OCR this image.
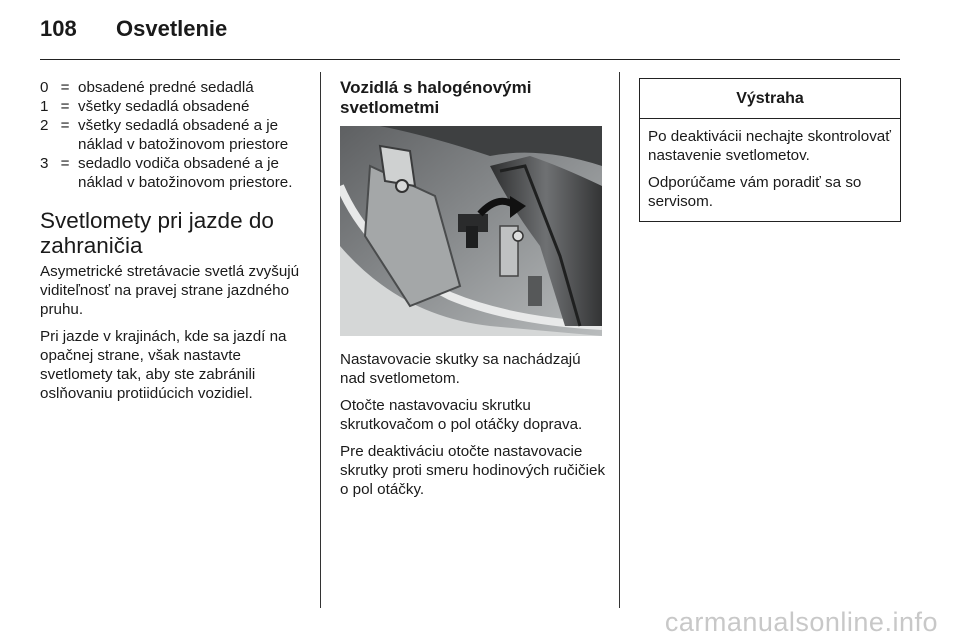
108 Osvetlenie
0 = obsadené predné sedadlá
1 = všetky sedadlá obsadené
2 = všetky sedadlá obsadené a je náklad v batožinovom priestore
3 = sedadlo vodiča obsadené a je náklad v batožinovom priestore.
Svetlomety pri jazde do zahraničia

Asymetrické stretávacie svetlá zvyšujú viditeľnosť na pravej strane jazdného pruhu.

Pri jazde v krajinách, kde sa jazdí na opačnej strane, však nastavte svetlomety tak, aby ste zabránili oslňovaniu protiidúcich vozidiel.

Vozidlá s halogénovými svetlometmi

Nastavovacie skutky sa nachádzajú nad svetlometom.

Otočte nastavovaciu skrutku skrutkovačom o pol otáčky doprava.

Pre deaktiváciu otočte nastavovacie skrutky proti smeru hodinových ručičiek o pol otáčky.

Výstraha

Po deaktivácii nechajte skontrolovať nastavenie svetlometov.

Odporúčame vám poradiť sa so servisom.

carmanualsonline.info
